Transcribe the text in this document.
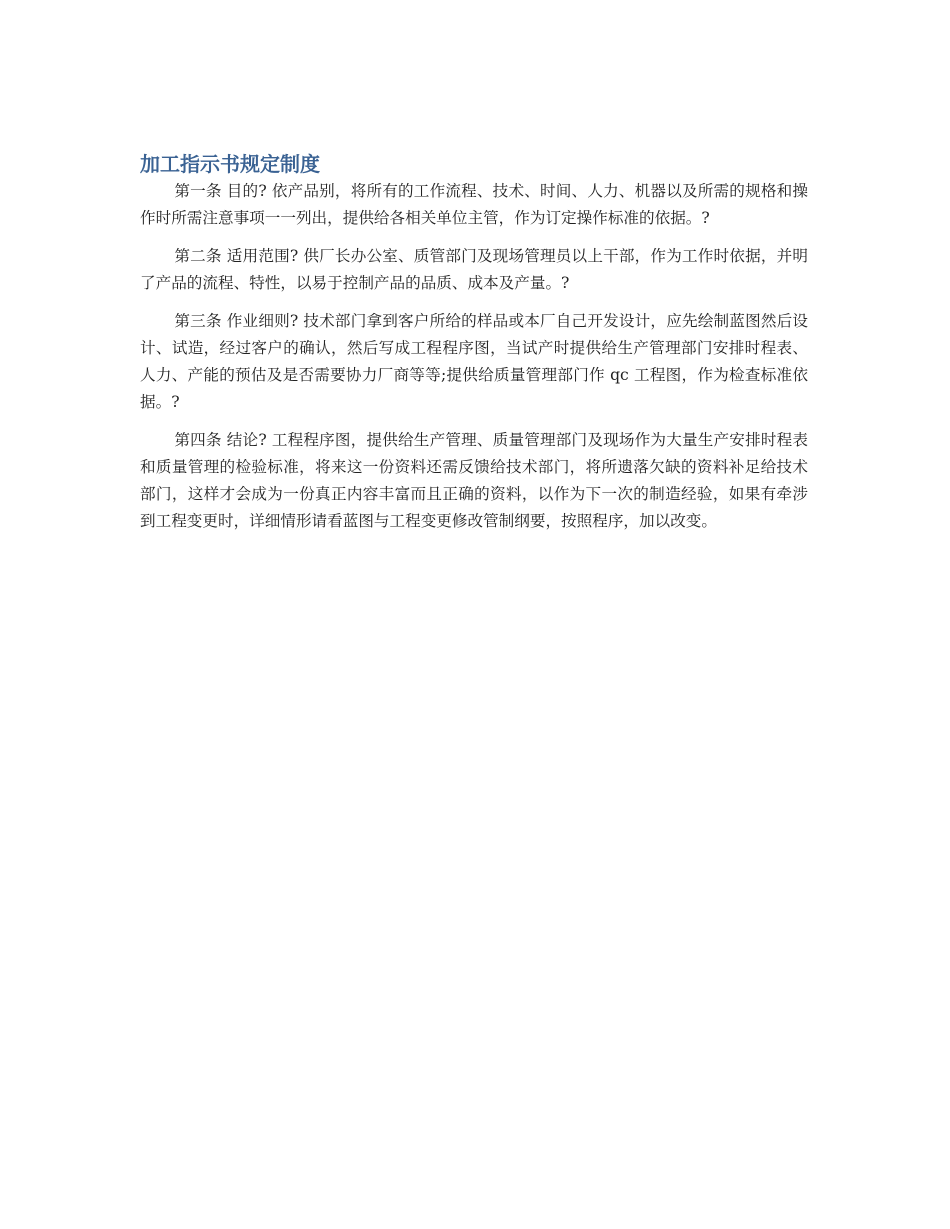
加工指示书规定制度

第一条 目的? 依产品别，将所有的工作流程、技术、时间、人力、机器以及所需的规格和操作时所需注意事项一一列出，提供给各相关单位主管，作为订定操作标准的依据。?

第二条 适用范围? 供厂长办公室、质管部门及现场管理员以上干部，作为工作时依据，并明了产品的流程、特性，以易于控制产品的品质、成本及产量。?

第三条 作业细则? 技术部门拿到客户所给的样品或本厂自己开发设计，应先绘制蓝图然后设计、试造，经过客户的确认，然后写成工程程序图，当试产时提供给生产管理部门安排时程表、人力、产能的预估及是否需要协力厂商等等;提供给质量管理部门作 qc 工程图，作为检查标准依据。?

第四条 结论? 工程程序图，提供给生产管理、质量管理部门及现场作为大量生产安排时程表和质量管理的检验标准，将来这一份资料还需反馈给技术部门，将所遗落欠缺的资料补足给技术部门，这样才会成为一份真正内容丰富而且正确的资料，以作为下一次的制造经验，如果有牵涉到工程变更时，详细情形请看蓝图与工程变更修改管制纲要，按照程序，加以改变。
